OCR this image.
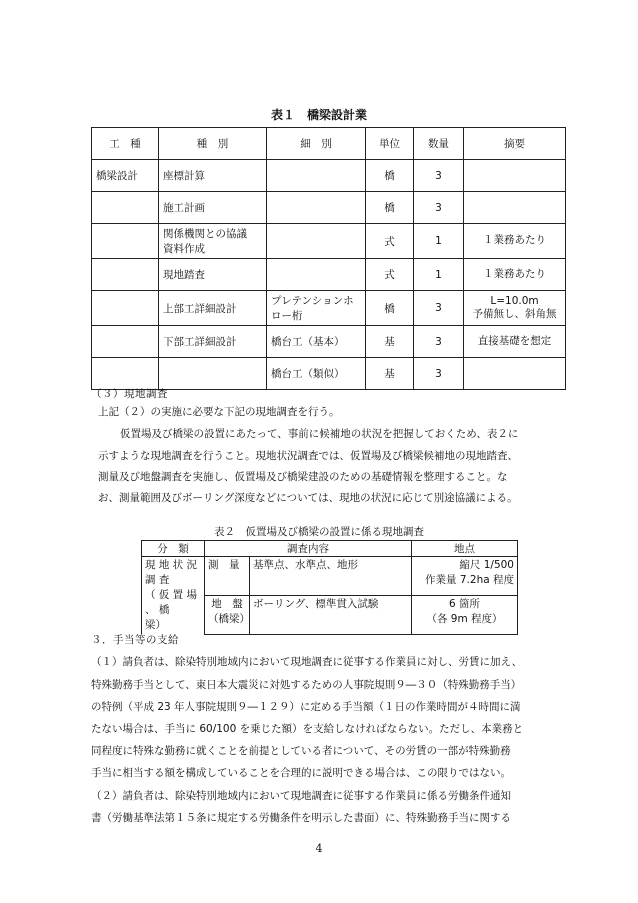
表１　橋梁設計業
工　種	種　別	細　別	単位	数量	摘要
橋梁設計	座標計算		橋	3	
	施工計画		橋	3	
	関係機関との協議
資料作成		式	1	１業務あたり
	現地踏査		式	1	１業務あたり
	上部工詳細設計	プレテンションホ
ロー桁	橋	3	L=10.0m
予備無し、斜角無
	下部工詳細設計	橋台工（基本）	基	3	直接基礎を想定
		橋台工（類似）	基	3	
（３）現地調査
上記（２）の実施に必要な下記の現地調査を行う。
仮置場及び橋梁の設置にあたって、事前に候補地の状況を把握しておくため、表２に
示すような現地調査を行うこと。現地状況調査では、仮置場及び橋梁候補地の現地踏査、
測量及び地盤調査を実施し、仮置場及び橋梁建設のための基礎情報を整理すること。な
お、測量範囲及びボーリング深度などについては、現地の状況に応じて別途協議による。
表２　仮置場及び橋梁の設置に係る現地調査
分　類	調査内容		地点
現 地 状 況 調 査
（ 仮 置 場 、 橋
梁）	測　量	基準点、水準点、地形	縮尺 1/500
作業量 7.2ha 程度
	地　盤
（橋梁）	ボーリング、標準貫入試験	6 箇所
（各 9m 程度）
３．手当等の支給
（１）請負者は、除染特別地域内において現地調査に従事する作業員に対し、労賃に加え、
特殊勤務手当として、東日本大震災に対処するための人事院規則９―３０（特殊勤務手当）
の特例（平成 23 年人事院規則９―１２９）に定める手当額（１日の作業時間が４時間に満
たない場合は、手当に 60/100 を乗じた額）を支給しなければならない。ただし、本業務と
同程度に特殊な勤務に就くことを前提としている者について、その労賃の一部が特殊勤務
手当に相当する額を構成していることを合理的に説明できる場合は、この限りではない。
（２）請負者は、除染特別地域内において現地調査に従事する作業員に係る労働条件通知
書（労働基準法第１５条に規定する労働条件を明示した書面）に、特殊勤務手当に関する
4
